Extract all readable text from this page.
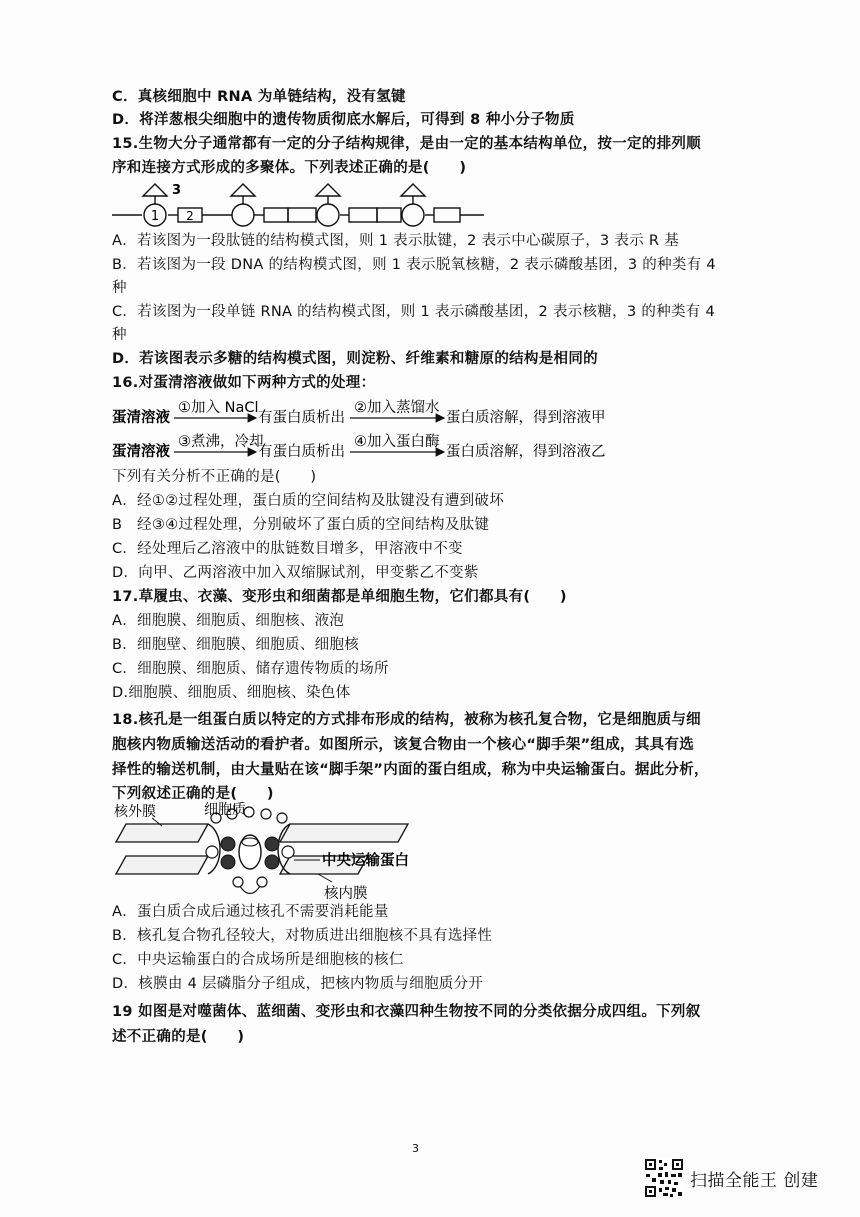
C．真核细胞中 RNA 为单链结构，没有氢键
D．将洋葱根尖细胞中的遗传物质彻底水解后，可得到 8 种小分子物质
15.生物大分子通常都有一定的分子结构规律，是由一定的基本结构单位，按一定的排列顺
序和连接方式形成的多聚体。下列表述正确的是(　　)
1
3
2
A．若该图为一段肽链的结构模式图，则 1 表示肽键，2 表示中心碳原子，3 表示 R 基
B．若该图为一段 DNA 的结构模式图，则 1 表示脱氧核糖，2 表示磷酸基团，3 的种类有 4
种
C．若该图为一段单链 RNA 的结构模式图，则 1 表示磷酸基团，2 表示核糖，3 的种类有 4
种
D．若该图表示多糖的结构模式图，则淀粉、纤维素和糖原的结构是相同的
16.对蛋清溶液做如下两种方式的处理：
蛋清溶液
①加入 NaCl
有蛋白质析出
②加入蒸馏水
蛋白质溶解，得到溶液甲
蛋清溶液
③煮沸，冷却
有蛋白质析出
④加入蛋白酶
蛋白质溶解，得到溶液乙
下列有关分析不正确的是(　　)
A．经①②过程处理，蛋白质的空间结构及肽键没有遭到破坏
B　经③④过程处理，分别破坏了蛋白质的空间结构及肽键
C．经处理后乙溶液中的肽链数目增多，甲溶液中不变
D．向甲、乙两溶液中加入双缩脲试剂，甲变紫乙不变紫
17.草履虫、衣藻、变形虫和细菌都是单细胞生物，它们都具有(　　)
A．细胞膜、细胞质、细胞核、液泡
B．细胞壁、细胞膜、细胞质、细胞核
C．细胞膜、细胞质、储存遗传物质的场所
D.细胞膜、细胞质、细胞核、染色体
18.核孔是一组蛋白质以特定的方式排布形成的结构，被称为核孔复合物，它是细胞质与细
胞核内物质输送活动的看护者。如图所示，该复合物由一个核心“脚手架”组成，其具有选
择性的输送机制，由大量贴在该“脚手架”内面的蛋白组成，称为中央运输蛋白。据此分析，
下列叙述正确的是(　　)
核外膜	细胞质
中央运输蛋白
核内膜
A．蛋白质合成后通过核孔不需要消耗能量
B．核孔复合物孔径较大，对物质进出细胞核不具有选择性
C．中央运输蛋白的合成场所是细胞核的核仁
D．核膜由 4 层磷脂分子组成，把核内物质与细胞质分开
19 如图是对噬菌体、蓝细菌、变形虫和衣藻四种生物按不同的分类依据分成四组。下列叙
述不正确的是(　　)
3
扫描全能王 创建
